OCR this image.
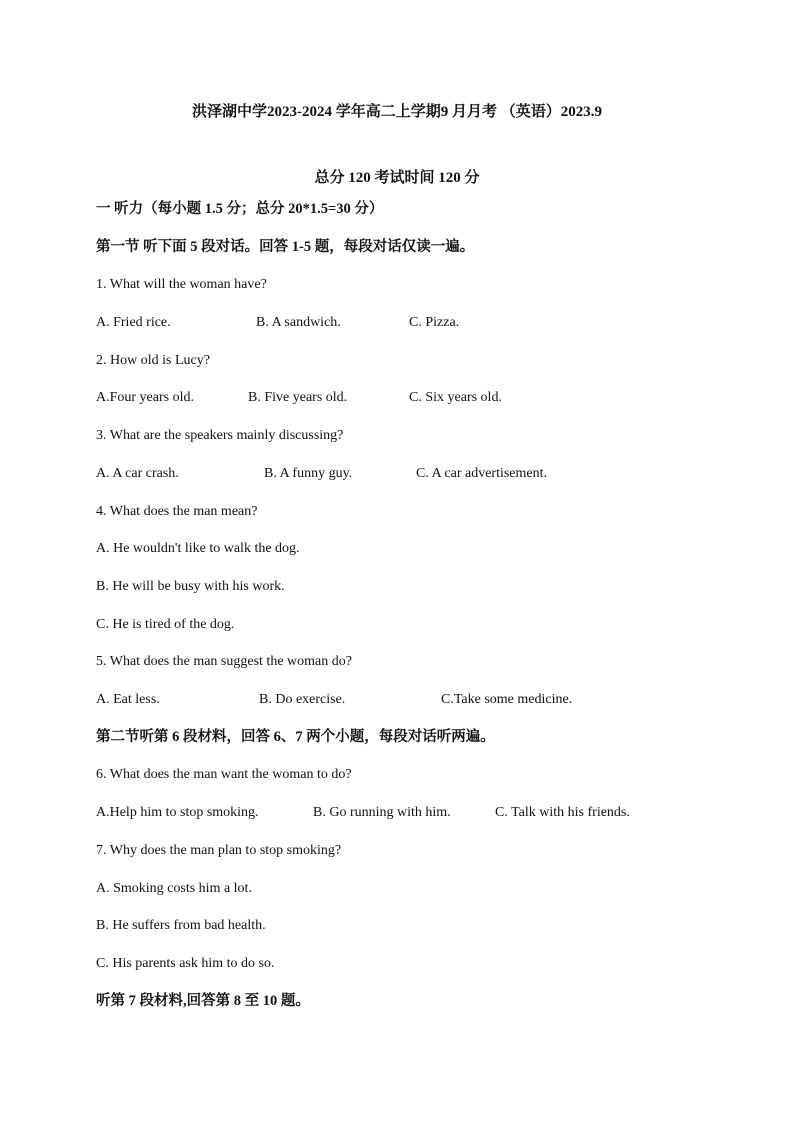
洪泽湖中学2023-2024 学年高二上学期9 月月考 （英语）2023.9
总分 120 考试时间 120 分
一 听力（每小题 1.5 分；总分 20*1.5=30 分）
第一节 听下面 5 段对话。回答 1-5 题，每段对话仅读一遍。
1. What will the woman have?
A. Fried rice.	B. A sandwich.	C. Pizza.
2. How old is Lucy?
A.Four years old.	B. Five years old.	C. Six years old.
3. What are the speakers mainly discussing?
A. A car crash.	B. A funny guy.	C. A car advertisement.
4. What does the man mean?
A. He wouldn't like to walk the dog.
B. He will be busy with his work.
C. He is tired of the dog.
5. What does the man suggest the woman do?
A. Eat less.	B. Do exercise.	C.Take some medicine.
第二节听第 6 段材料，回答 6、7 两个小题，每段对话听两遍。
6. What does the man want the woman to do?
A.Help him to stop smoking.	B. Go running with him.	C. Talk with his friends.
7. Why does the man plan to stop smoking?
A. Smoking costs him a lot.
B. He suffers from bad health.
C. His parents ask him to do so.
听第 7 段材料,回答第 8 至 10 题。
